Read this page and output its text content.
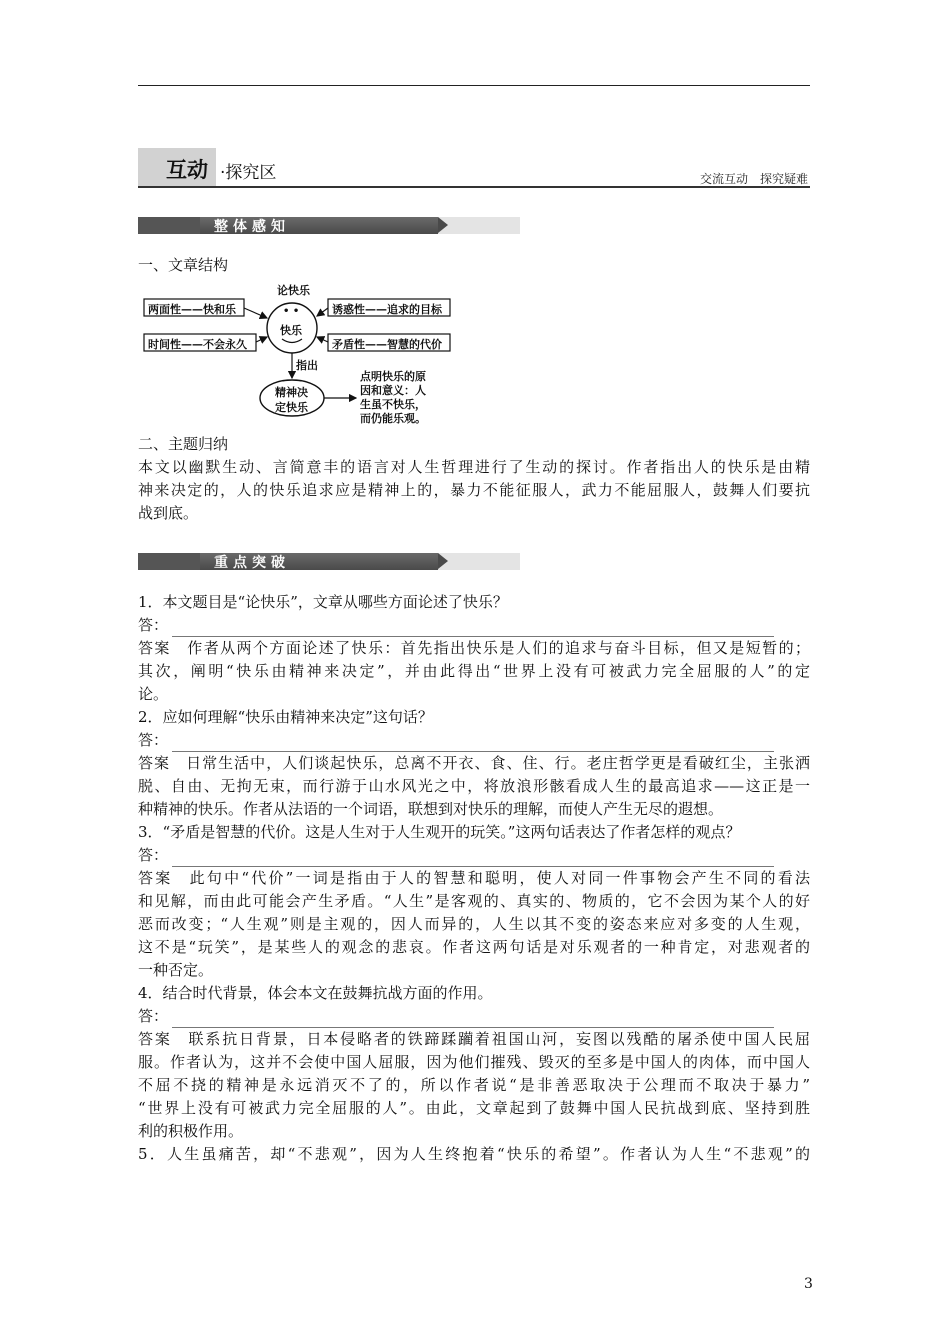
互动 ·探究区	交流互动　探究疑难
整体感知

一、文章结构

论快乐
快乐
• •
两面性——快和乐
时间性——不会永久
诱惑性——追求的目标
矛盾性——智慧的代价
指出
精神决
定快乐
点明快乐的原
因和意义：人
生虽不快乐，
而仍能乐观。

二、主题归纳

本文以幽默生动、言简意丰的语言对人生哲理进行了生动的探讨。作者指出人的快乐是由精

神来决定的，人的快乐追求应是精神上的，暴力不能征服人，武力不能屈服人，鼓舞人们要抗

战到底。

重点突破

1．本文题目是“论快乐”，文章从哪些方面论述了快乐？

答：

答案　作者从两个方面论述了快乐：首先指出快乐是人们的追求与奋斗目标，但又是短暂的；

其次，阐明“快乐由精神来决定”，并由此得出“世界上没有可被武力完全屈服的人”的定

论。

2．应如何理解“快乐由精神来决定”这句话？

答：

答案　日常生活中，人们谈起快乐，总离不开衣、食、住、行。老庄哲学更是看破红尘，主张洒

脱、自由、无拘无束，而行游于山水风光之中，将放浪形骸看成人生的最高追求——这正是一

种精神的快乐。作者从法语的一个词语，联想到对快乐的理解，而使人产生无尽的遐想。

3．“矛盾是智慧的代价。这是人生对于人生观开的玩笑。”这两句话表达了作者怎样的观点？

答：

答案　此句中“代价”一词是指由于人的智慧和聪明，使人对同一件事物会产生不同的看法

和见解，而由此可能会产生矛盾。“人生”是客观的、真实的、物质的，它不会因为某个人的好

恶而改变；“人生观”则是主观的，因人而异的，人生以其不变的姿态来应对多变的人生观，

这不是“玩笑”，是某些人的观念的悲哀。作者这两句话是对乐观者的一种肯定，对悲观者的

一种否定。

4．结合时代背景，体会本文在鼓舞抗战方面的作用。

答：

答案　联系抗日背景，日本侵略者的铁蹄蹂躏着祖国山河，妄图以残酷的屠杀使中国人民屈

服。作者认为，这并不会使中国人屈服，因为他们摧残、毁灭的至多是中国人的肉体，而中国人

不屈不挠的精神是永远消灭不了的，所以作者说“是非善恶取决于公理而不取决于暴力”

“世界上没有可被武力完全屈服的人”。由此，文章起到了鼓舞中国人民抗战到底、坚持到胜

利的积极作用。

5．人生虽痛苦，却“不悲观”，因为人生终抱着“快乐的希望”。作者认为人生“不悲观”的

3
